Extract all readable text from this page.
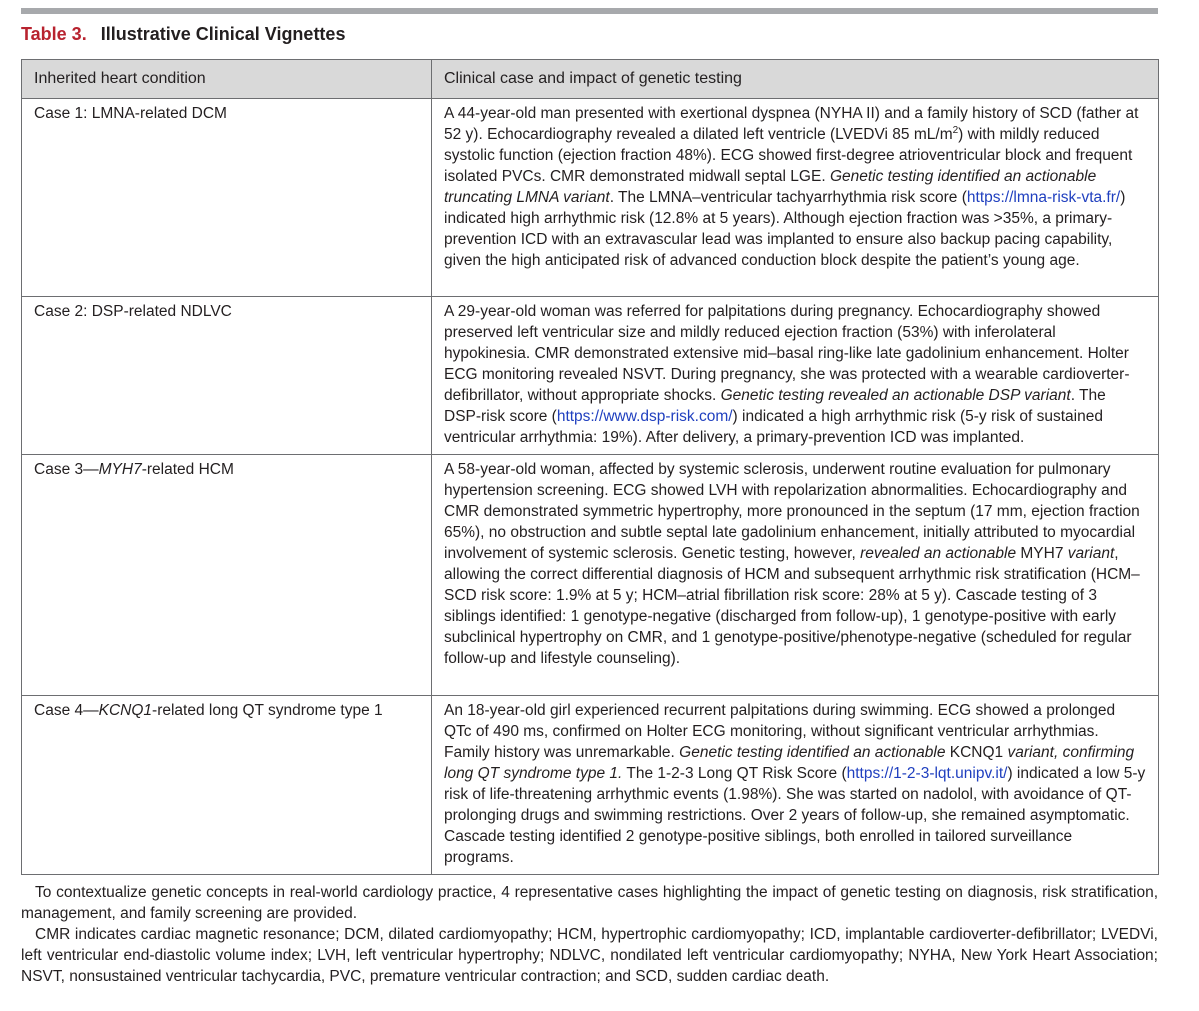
Table 3. Illustrative Clinical Vignettes
Inherited heart condition	Clinical case and impact of genetic testing
Case 1: LMNA-related DCM	A 44-year-old man presented with exertional dyspnea (NYHA II) and a family history of SCD (father at 52 y). Echocardiography revealed a dilated left ventricle (LVEDVi 85 $mL/m^2$) with mildly reduced systolic function (ejection fraction 48%). ECG showed first-degree atrioventricular block and frequent isolated PVCs. CMR demonstrated midwall septal LGE. Genetic testing identified an actionable truncating LMNA variant. The LMNA–ventricular tachyarrhythmia risk score (https://lmna-risk-vta.fr/) indicated high arrhythmic risk (12.8% at 5 years). Although ejection fraction was >35%, a primary-prevention ICD with an extravascular lead was implanted to ensure also backup pacing capability, given the high anticipated risk of advanced conduction block despite the patient’s young age.
Case 2: DSP-related NDLVC	A 29-year-old woman was referred for palpitations during pregnancy. Echocardiography showed preserved left ventricular size and mildly reduced ejection fraction (53%) with inferolateral hypokinesia. CMR demonstrated extensive mid–basal ring-like late gadolinium enhancement. Holter ECG monitoring revealed NSVT. During pregnancy, she was protected with a wearable cardioverter-defibrillator, without appropriate shocks. Genetic testing revealed an actionable DSP variant. The DSP-risk score (https://www.dsp-risk.com/) indicated a high arrhythmic risk (5-y risk of sustained ventricular arrhythmia: 19%). After delivery, a primary-prevention ICD was implanted.
Case 3—MYH7-related HCM	A 58-year-old woman, affected by systemic sclerosis, underwent routine evaluation for pulmonary hypertension screening. ECG showed LVH with repolarization abnormalities. Echocardiography and CMR demonstrated symmetric hypertrophy, more pronounced in the septum (17 mm, ejection fraction 65%), no obstruction and subtle septal late gadolinium enhancement, initially attributed to myocardial involvement of systemic sclerosis. Genetic testing, however, revealed an actionable MYH7 variant, allowing the correct differential diagnosis of HCM and subsequent arrhythmic risk stratification (HCM–SCD risk score: 1.9% at 5 y; HCM–atrial fibrillation risk score: 28% at 5 y). Cascade testing of 3 siblings identified: 1 genotype-negative (discharged from follow-up), 1 genotype-positive with early subclinical hypertrophy on CMR, and 1 genotype-positive/phenotype-negative (scheduled for regular follow-up and lifestyle counseling).
Case 4—KCNQ1-related long QT syndrome type 1	An 18-year-old girl experienced recurrent palpitations during swimming. ECG showed a prolonged QTc of 490 ms, confirmed on Holter ECG monitoring, without significant ventricular arrhythmias. Family history was unremarkable. Genetic testing identified an actionable KCNQ1 variant, confirming long QT syndrome type 1. The 1-2-3 Long QT Risk Score (https://1-2-3-lqt.unipv.it/) indicated a low 5-y risk of life-threatening arrhythmic events (1.98%). She was started on nadolol, with avoidance of QT-prolonging drugs and swimming restrictions. Over 2 years of follow-up, she remained asymptomatic. Cascade testing identified 2 genotype-positive siblings, both enrolled in tailored surveillance programs.

To contextualize genetic concepts in real-world cardiology practice, 4 representative cases highlighting the impact of genetic testing on diagnosis, risk stratification, management, and family screening are provided.

CMR indicates cardiac magnetic resonance; DCM, dilated cardiomyopathy; HCM, hypertrophic cardiomyopathy; ICD, implantable cardioverter-defibrillator; LVEDVi, left ventricular end-diastolic volume index; LVH, left ventricular hypertrophy; NDLVC, nondilated left ventricular cardiomyopathy; NYHA, New York Heart Association; NSVT, nonsustained ventricular tachycardia, PVC, premature ventricular contraction; and SCD, sudden cardiac death.
